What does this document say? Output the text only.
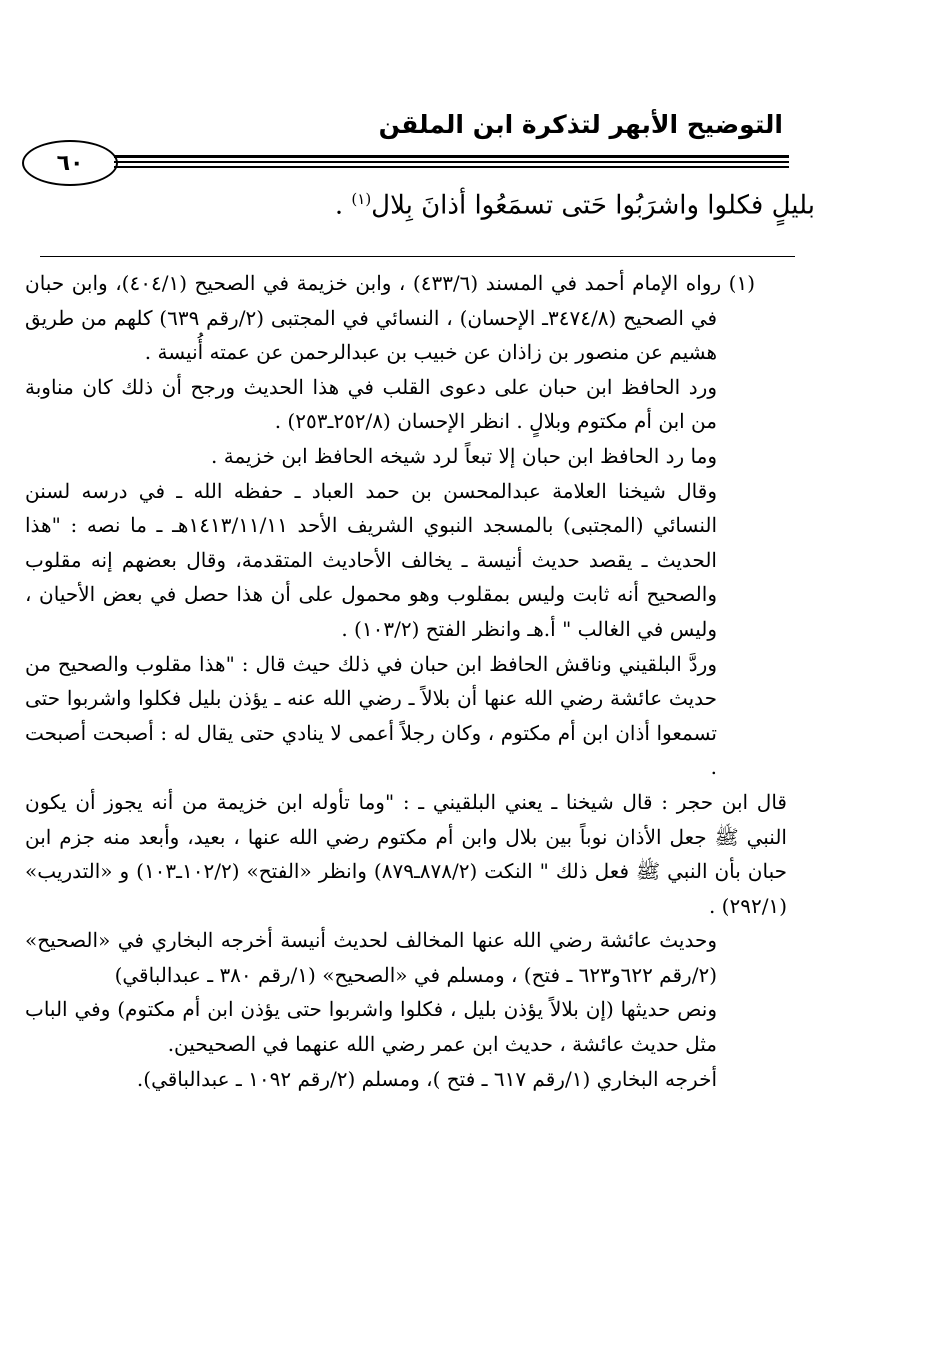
التوضيح الأبهر لتذكرة ابن الملقن
٦٠
بليلٍ فكلوا واشرَبُوا حَتى تسمَعُوا أذانَ بِلال$^{(١)}$ .

(١) رواه الإمام أحمد في المسند (٤٣٣/٦) ، وابن خزيمة في الصحيح (٤٠٤/١)، وابن حبان في الصحيح (٣٤٧٤/٨ـ الإحسان) ، النسائي في المجتبى (٢/رقم ٦٣٩) كلهم من طريق هشيم عن منصور بن زاذان عن خبيب بن عبدالرحمن عن عمته أُنيسة .

ورد الحافظ ابن حبان على دعوى القلب في هذا الحديث ورجح أن ذلك كان مناوبة من ابن أم مكتوم وبلالٍ . انظر الإحسان (٢٥٢/٨ـ٢٥٣) .

وما رد الحافظ ابن حبان إلا تبعاً لرد شيخه الحافظ ابن خزيمة .

وقال شيخنا العلامة عبدالمحسن بن حمد العباد ـ حفظه الله ـ في درسه لسنن النسائي (المجتبى) بالمسجد النبوي الشريف الأحد ١٤١٣/١١/١١هـ ـ ما نصه : "هذا الحديث ـ يقصد حديث أنيسة ـ يخالف الأحاديث المتقدمة، وقال بعضهم إنه مقلوب والصحيح أنه ثابت وليس بمقلوب وهو محمول على أن هذا حصل في بعض الأحيان ، وليس في الغالب " أ.هـ وانظر الفتح (١٠٣/٢) .

وردَّ البلقيني وناقش الحافظ ابن حبان في ذلك حيث قال : "هذا مقلوب والصحيح من حديث عائشة رضي الله عنها أن بلالاً ـ رضي الله عنه ـ يؤذن بليل فكلوا واشربوا حتى تسمعوا أذان ابن أم مكتوم ، وكان رجلاً أعمى لا ينادي حتى يقال له : أصبحت أصبحت .

قال ابن حجر : قال شيخنا ـ يعني البلقيني ـ : "وما تأوله ابن خزيمة من أنه يجوز أن يكون النبي ﷺ جعل الأذان نوباً بين بلال وابن أم مكتوم رضي الله عنها ، بعيد، وأبعد منه جزم ابن حبان بأن النبي ﷺ فعل ذلك " النكت (٨٧٨/٢ـ٨٧٩) وانظر «الفتح» (١٠٢/٢ـ١٠٣) و «التدريب» (٢٩٢/١) .

وحديث عائشة رضي الله عنها المخالف لحديث أنيسة أخرجه البخاري في «الصحيح» (٢/رقم ٦٢٢و٦٢٣ ـ فتح) ، ومسلم في «الصحيح» (١/رقم ٣٨٠ ـ عبدالباقي)

ونص حديثها (إن بلالاً يؤذن بليل ، فكلوا واشربوا حتى يؤذن ابن أم مكتوم) وفي الباب مثل حديث عائشة ، حديث ابن عمر رضي الله عنهما في الصحيحين.

أخرجه البخاري (١/رقم ٦١٧ ـ فتح )، ومسلم (٢/رقم ١٠٩٢ ـ عبدالباقي).
